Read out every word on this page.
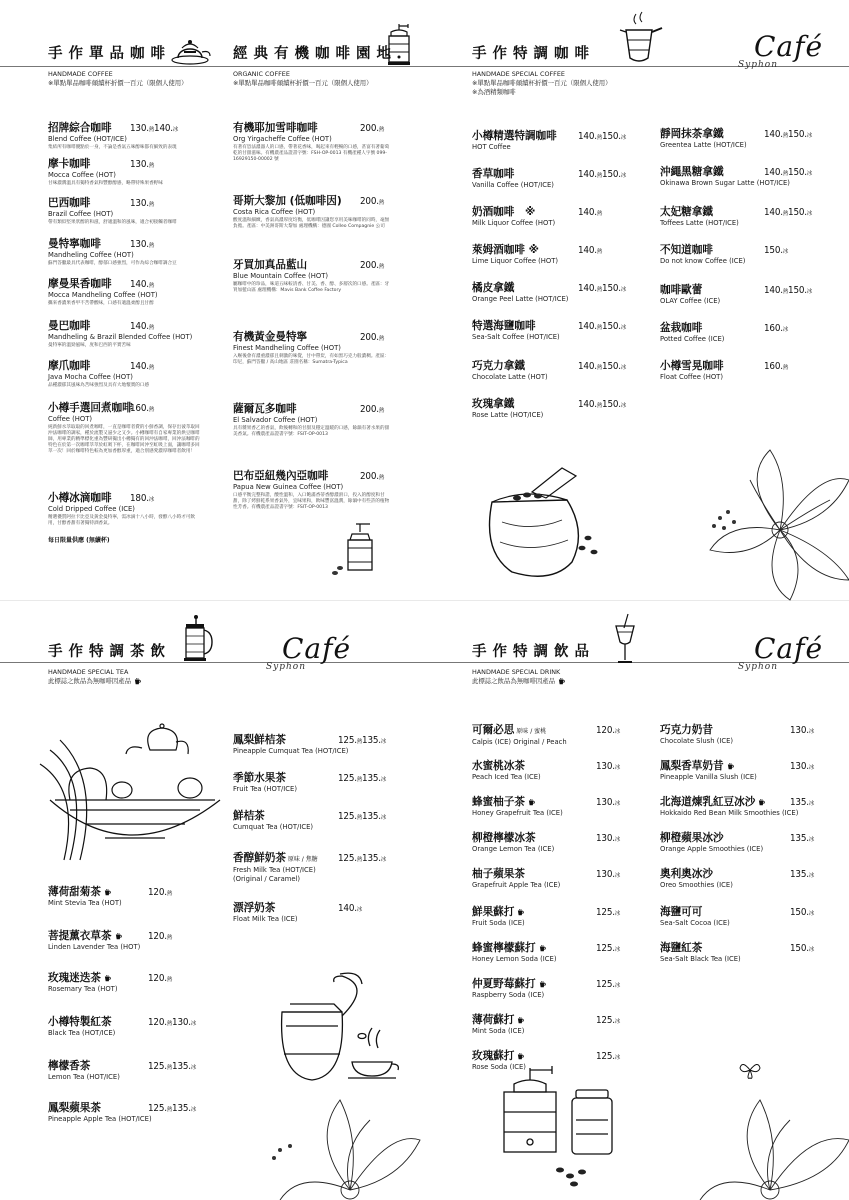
手作單品咖啡
HANDMADE COFFEE
※單點單品咖啡頗續杯折價一百元（限個人使用）
經典有機咖啡園地
ORGANIC COFFEE
※單點單品咖啡頗續杯折價一百元（限個人使用）
手作特調咖啡
HANDMADE SPECIAL COFFEE
※單點單品咖啡頗續杯折價一百元（限個人使用）
※為酒精類咖啡
Café
Syphon
招牌綜合咖啡
Blend Coffee (HOT/ICE)
集結所有咖啡優點於一身，不論是香氣五味醇味都有細致的表現
130.熱140.冰
摩卡咖啡
Mocca Coffee (HOT)
甘味濃潤溫具有獨特香氣和豐醇醇感，略帶特殊果香野味
130.熱
巴西咖啡
Brazil Coffee (HOT)
帶有類似堅果狀醇的和滋，舒適溫和的風味，適合初接觸者咖啡
130.熱
曼特寧咖啡
Mandheling Coffee (HOT)
蘇門答臘最具代表咖啡，醇郁口感強烈，可作為綜合咖啡調合豆
130.熱
摩曼果香咖啡
Mocca Mandheling Coffee (HOT)
攜來香濃果香甲不苦帶酸味，口感有適溫柔醇且甘醇
140.熱
曼巴咖啡
Mandheling & Brazil Blended Coffee (HOT)
曼特寧的溫勁風味，度和巴西的平實苦味
140.熱
摩爪咖啡
Java Mocha Coffee (HOT)
品種濃郁其風味為苦味強烈及具有大地懷實的口感
140.熱
小樽手選回煮咖啡
Coffee (HOT)
純新鮮水萃取取的回煮咖啡，一直是咖啡者費的小鮮香調，保存出彼萃取回沖法咖啡的調家，種於流製又逼少之又少。小樽咖啡有自家專業的烘豆咖啡師，用專業的精準標化重為豐研獨出小樽獨有的回沖法咖啡，回沖法咖啡的特色在於第一次咖啡萃萃於虹吸下杯，在咖啡回沖至虹吸上面，讓咖啡多回萃一次！回於咖啡特色較為更加香醇厚重，適合別感愛濃厚咖啡者飲用！
160.熱
小樽冰滴咖啡
Cold Dripped Coffee (ICE)
精選優質阿拉卡比亞及黃金曼特寧，需冰滴十八小時，發酵八小時才可飲用，甘醇香甜有著獨特酒香氣。
180.冰
每日限量供應 (無續杯)
有機耶加雪啡咖啡
Org Yirgacheffe Coffee (HOT)
有著有恐法濃器人的口感，帶著花香味，喝起來有輕暢的口感，甚富有著葡萄乾的甘甜滋味。有機農產品證書字號：FSH-OP-0013 有機產種人字號 099-16929150-00002 號
200.熱
哥斯大黎加 (低咖啡因)
Costa Rica Coffee (HOT)
酸度溫和細緻，香氣高濃厚度均衡，低咖啡因讓您享用美味咖啡的同時，毫無負擔。產區：中美洲哥斯大黎加 處理機構：德國 Colleo Compagnie 公司
200.熱
牙買加真品藍山
Blue Mountain Coffee (HOT)
屬咖啡中的珍品，味道五味較清香、甘美、香、醇、多層次的口感。產區：牙買加藍山區 處理機構：Mavis Bank Coffee Factory
200.熱
有機黃金曼特寧
Finest Mandheling Coffee (HOT)
入喉後會有濃重濃郁且刺激的味覺，甘中帶炭，有如黑巧克力般濃稠。產區：印尼，蘇門答臘 / 高山地區 莊園名稱：Sumatra-Typica
200.熱
薩爾瓦多咖啡
El Salvador Coffee (HOT)
具有雜果香乙的香氣，飲後轉和的甘甜及穩定溫暖的口感，餘韻有著水果的甜美香氣。有機農產品證書字號：FSIT-OP-0013
200.熱
巴布亞紐幾內亞咖啡
Papua New Guinea Coffee (HOT)
口感平衡完整和諧，酸性溫和，入口飽滿香蒂香醇濃滑口，投入的醇度和甘甜，除了烤鮮乾系果香氣外，宜味果和，飲味豐富溫潤，餘韻中有些許的植物性芳香。有機農產品證書字號：FSIT-OP-0013
200.熱
小樽精選特調咖啡
HOT Coffee
140.熱150.冰
香草咖啡
Vanilla Coffee (HOT/ICE)
140.熱150.冰
奶酒咖啡　※
Milk Liquor Coffee (HOT)
140.熱
萊姆酒咖啡 ※
Lime Liquor Coffee (HOT)
140.熱
橘皮拿鐵
Orange Peel Latte (HOT/ICE)
140.熱150.冰
特選海鹽咖啡
Sea-Salt Coffee (HOT/ICE)
140.熱150.冰
巧克力拿鐵
Chocolate Latte (HOT)
140.熱150.冰
玫瑰拿鐵
Rose Latte (HOT/ICE)
140.熱150.冰
靜岡抹茶拿鐵
Greentea Latte (HOT/ICE)
140.熱150.冰
沖繩黑糖拿鐵
Okinawa Brown Sugar Latte (HOT/ICE)
140.熱150.冰
太妃糖拿鐵
Toffees Latte (HOT/ICE)
140.熱150.冰
不知道咖啡
Do not know Coffee (ICE)
150.冰
咖啡歐蕾
OLAY Coffee (ICE)
140.熱150.冰
盆栽咖啡
Potted Coffee (ICE)
160.冰
小樽雪晃咖啡
Float Coffee (HOT)
160.熱
手作特調茶飲
HANDMADE SPECIAL TEA
此標誌之飲品為無咖啡因產品
Café
Syphon
手作特調飲品
HANDMADE SPECIAL DRINK
此標誌之飲品為無咖啡因產品
Café
Syphon
薄荷甜菊茶
Mint Stevia Tea (HOT)
120.熱
菩提薰衣草茶
Linden Lavender Tea (HOT)
120.熱
玫瑰迷迭茶
Rosemary Tea (HOT)
120.熱
小樽特製紅茶
Black Tea (HOT/ICE)
120.熱130.冰
檸檬香茶
Lemon Tea (HOT/ICE)
125.熱135.冰
鳳梨蘋果茶
Pineapple Apple Tea (HOT/ICE)
125.熱135.冰
鳳梨鮮桔茶
Pineapple Cumquat Tea (HOT/ICE)
125.熱135.冰
季節水果茶
Fruit Tea (HOT/ICE)
125.熱135.冰
鮮桔茶
Cumquat Tea (HOT/ICE)
125.熱135.冰
香醇鮮奶茶 原味 / 焦糖
Fresh Milk Tea (HOT/ICE)
(Original / Caramel)
125.熱135.冰
漂浮奶茶
Float Milk Tea (ICE)
140.冰
可爾必思 原味 / 蜜桃
Calpis (ICE) Original / Peach
120.冰
水蜜桃冰茶
Peach Iced Tea (ICE)
130.冰
蜂蜜柚子茶
Honey Grapefruit Tea (ICE)
130.冰
柳橙檸檬冰茶
Orange Lemon Tea (ICE)
130.冰
柚子蘋果茶
Grapefruit Apple Tea (ICE)
130.冰
鮮果蘇打
Fruit Soda (ICE)
125.冰
蜂蜜檸檬蘇打
Honey Lemon Soda (ICE)
125.冰
仲夏野莓蘇打
Raspberry Soda (ICE)
125.冰
薄荷蘇打
Mint Soda (ICE)
125.冰
玫瑰蘇打
Rose Soda (ICE)
125.冰
巧克力奶昔
Chocolate Slush (ICE)
130.冰
鳳梨香草奶昔
Pineapple Vanilla Slush (ICE)
130.冰
北海道煉乳紅豆冰沙
Hokkaido Red Bean Milk Smoothies (ICE)
135.冰
柳橙蘋果冰沙
Orange Apple Smoothies (ICE)
135.冰
奧利奧冰沙
Oreo Smoothies (ICE)
135.冰
海鹽可可
Sea-Salt Cocoa (ICE)
150.冰
海鹽紅茶
Sea-Salt Black Tea (ICE)
150.冰
